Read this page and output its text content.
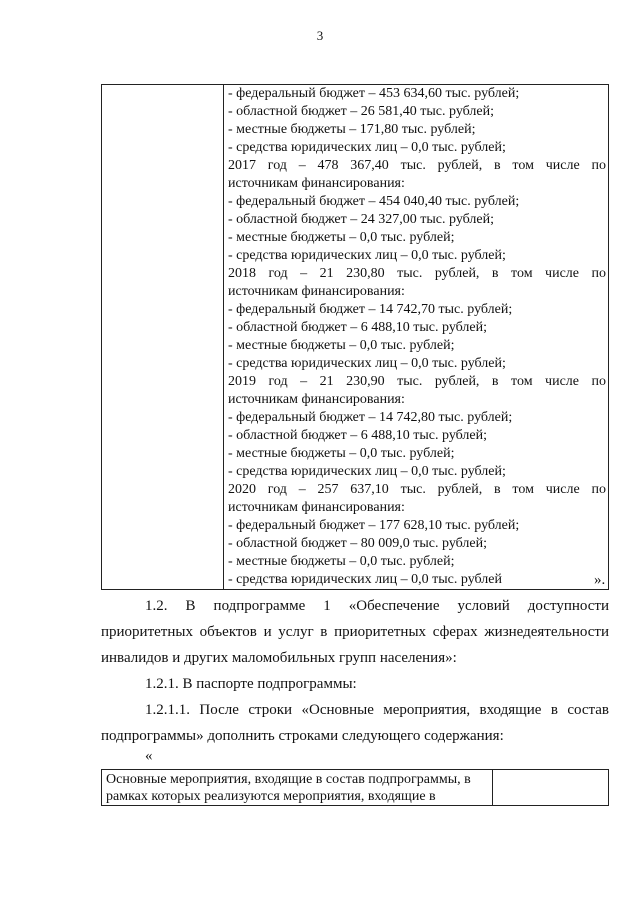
3

- федеральный бюджет – 453 634,60 тыс. рублей;
- областной бюджет – 26 581,40 тыс. рублей;
- местные бюджеты – 171,80 тыс. рублей;
- средства юридических лиц – 0,0 тыс. рублей;
2017 год – 478 367,40 тыс. рублей, в том числе по
источникам финансирования:
- федеральный бюджет – 454 040,40 тыс. рублей;
- областной бюджет – 24 327,00 тыс. рублей;
- местные бюджеты – 0,0 тыс. рублей;
- средства юридических лиц – 0,0 тыс. рублей;
2018 год – 21 230,80 тыс. рублей, в том числе по
источникам финансирования:
- федеральный бюджет – 14 742,70 тыс. рублей;
- областной бюджет – 6 488,10 тыс. рублей;
- местные бюджеты – 0,0 тыс. рублей;
- средства юридических лиц – 0,0 тыс. рублей;
2019 год – 21 230,90 тыс. рублей, в том числе по
источникам финансирования:
- федеральный бюджет – 14 742,80 тыс. рублей;
- областной бюджет – 6 488,10 тыс. рублей;
- местные бюджеты – 0,0 тыс. рублей;
- средства юридических лиц – 0,0 тыс. рублей;
2020 год – 257 637,10 тыс. рублей, в том числе по
источникам финансирования:
- федеральный бюджет – 177 628,10 тыс. рублей;
- областной бюджет – 80 009,0 тыс. рублей;
- местные бюджеты – 0,0 тыс. рублей;
- средства юридических лиц – 0,0 тыс. рублей	».
1.2. В подпрограмме 1 «Обеспечение условий доступности приоритетных объектов и услуг в приоритетных сферах жизнедеятельности инвалидов и других маломобильных групп населения»:
1.2.1. В паспорте подпрограммы:
1.2.1.1. После строки «Основные мероприятия, входящие в состав подпрограммы» дополнить строками следующего содержания:
«
Основные мероприятия, входящие в состав подпрограммы, в рамках которых реализуются мероприятия, входящие в	
